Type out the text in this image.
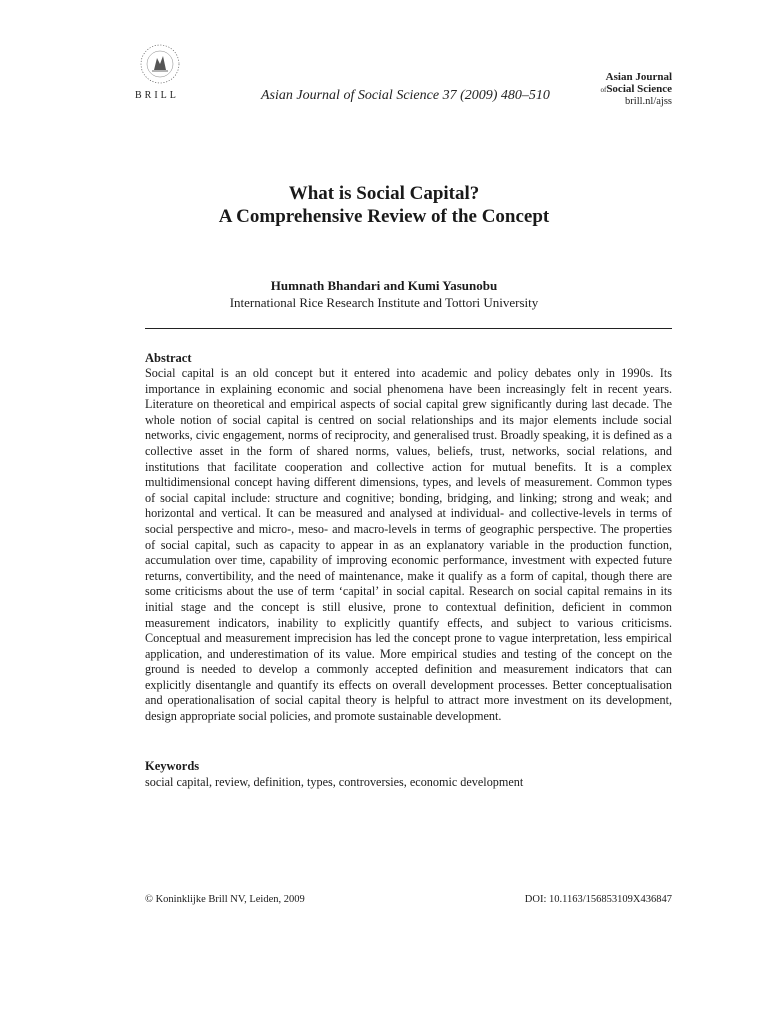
BRILL	Asian Journal of Social Science 37 (2009) 480–510
Asian Journal
ofSocial Science
brill.nl/ajss
What is Social Capital?
A Comprehensive Review of the Concept
Humnath Bhandari and Kumi Yasunobu
International Rice Research Institute and Tottori University
Abstract
Social capital is an old concept but it entered into academic and policy debates only in 1990s. Its importance in explaining economic and social phenomena have been increasingly felt in recent years. Literature on theoretical and empirical aspects of social capital grew significantly during last decade. The whole notion of social capital is centred on social relationships and its major elements include social networks, civic engagement, norms of reciprocity, and generalised trust. Broadly speaking, it is defined as a collective asset in the form of shared norms, values, beliefs, trust, networks, social relations, and institutions that facilitate cooperation and collective action for mutual benefits. It is a complex multidimensional concept having different dimensions, types, and levels of measurement. Common types of social capital include: structure and cognitive; bonding, bridging, and linking; strong and weak; and horizontal and vertical. It can be measured and analysed at individual- and collective-levels in terms of social perspective and micro-, meso- and macro-levels in terms of geographic perspective. The properties of social capital, such as capacity to appear in as an explanatory variable in the production function, accumulation over time, capability of improving economic performance, investment with expected future returns, convertibility, and the need of maintenance, make it qualify as a form of capital, though there are some criticisms about the use of term ‘capital’ in social capital. Research on social capital remains in its initial stage and the concept is still elusive, prone to contextual definition, deficient in common measurement indicators, inability to explicitly quantify effects, and subject to various criticisms. Conceptual and measurement imprecision has led the concept prone to vague interpretation, less empirical application, and underestimation of its value. More empirical studies and testing of the concept on the ground is needed to develop a commonly accepted definition and measurement indicators that can explicitly disentangle and quantify its effects on overall development processes. Better conceptualisation and operationalisation of social capital theory is helpful to attract more investment on its development, design appropriate social policies, and promote sustainable development.
Keywords
social capital, review, definition, types, controversies, economic development
© Koninklijke Brill NV, Leiden, 2009	DOI: 10.1163/156853109X436847
